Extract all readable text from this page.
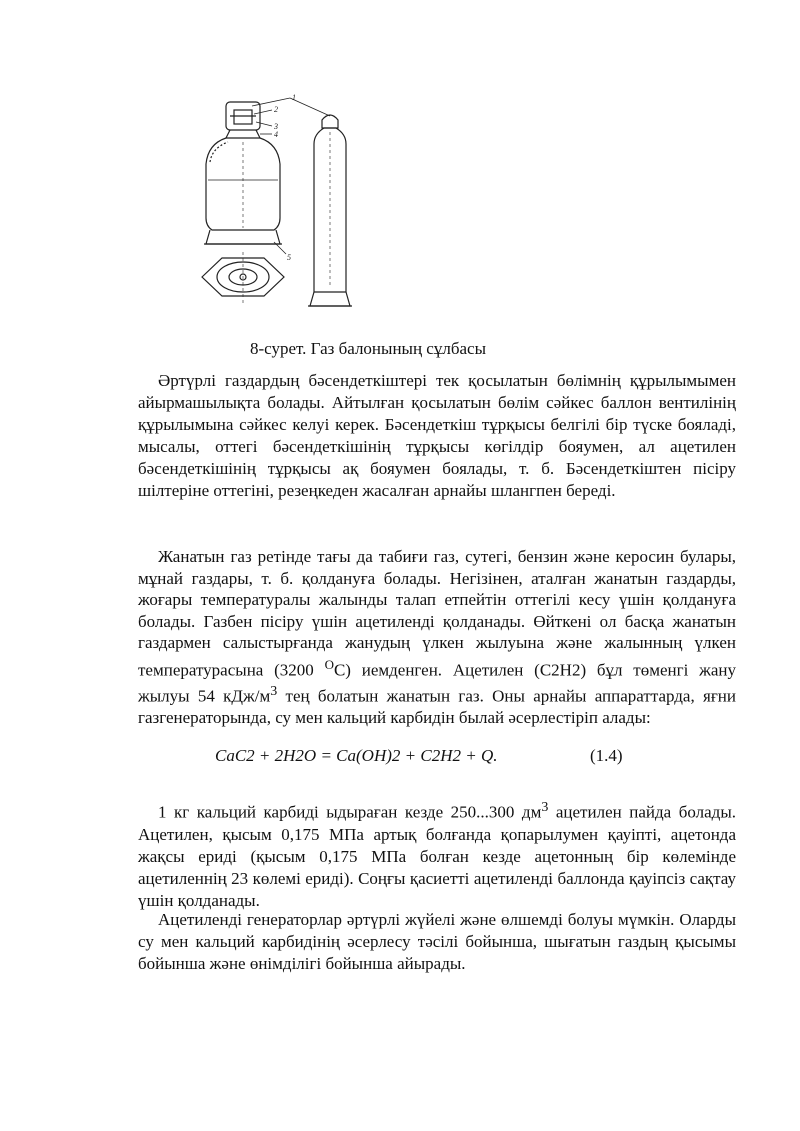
1
2
3
4
5
8-сурет. Газ балонының сұлбасы

Әртүрлі газдардың бәсендеткіштері тек қосылатын бөлімнің құрылымымен айырмашылықта болады. Айтылған қосылатын бөлім сәйкес баллон вентилінің құрылымына сәйкес келуі керек. Бәсендеткіш тұрқысы белгілі бір түске бояладі, мысалы, оттегі бәсендеткішінің тұрқысы көгілдір бояумен, ал ацетилен бәсендеткішінің тұрқысы ақ бояумен боялады, т. б. Бәсендеткіштен пісіру шілтеріне оттегіні, резеңкеден жасалған арнайы шлангпен береді.

Жанатын газ ретінде тағы да табиғи газ, сутегі, бензин және керосин булары, мұнай газдары, т. б. қолдануға болады. Негізінен, аталған жанатын газдарды, жоғары температуралы жалынды талап етпейтін оттегілі кесу үшін қолдануға болады. Газбен пісіру үшін ацетиленді қолданады. Өйткені ол басқа жанатын газдармен салыстырғанда жанудың үлкен жылуына және жалынның үлкен температурасына (3200 $^О$С) иемденген. Ацетилен (С2Н2) бұл төменгі жану жылуы 54 кДж/$м^3$ тең болатын жанатын газ. Оны арнайы аппараттарда, яғни газгенераторында, су мен кальций карбидін былай әсерлестіріп алады:

CaC2 + 2H2O = Ca(OH)2 + C2H2 + Q.	(1.4)

1 кг кальций карбиді ыдыраған кезде 250...300 $дм^3$ ацетилен пайда болады. Ацетилен, қысым 0,175 МПа артық болғанда қопарылумен қауіпті, ацетонда жақсы ериді (қысым 0,175 МПа болған кезде ацетонның бір көлемінде ацетиленнің 23 көлемі ериді). Соңғы қасиетті ацетиленді баллонда қауіпсіз сақтау үшін қолданады.

Ацетиленді генераторлар әртүрлі жүйелі және өлшемді болуы мүмкін. Оларды су мен кальций карбидінің әсерлесу тәсілі бойынша, шығатын газдың қысымы бойынша және өнімділігі бойынша айырады.
